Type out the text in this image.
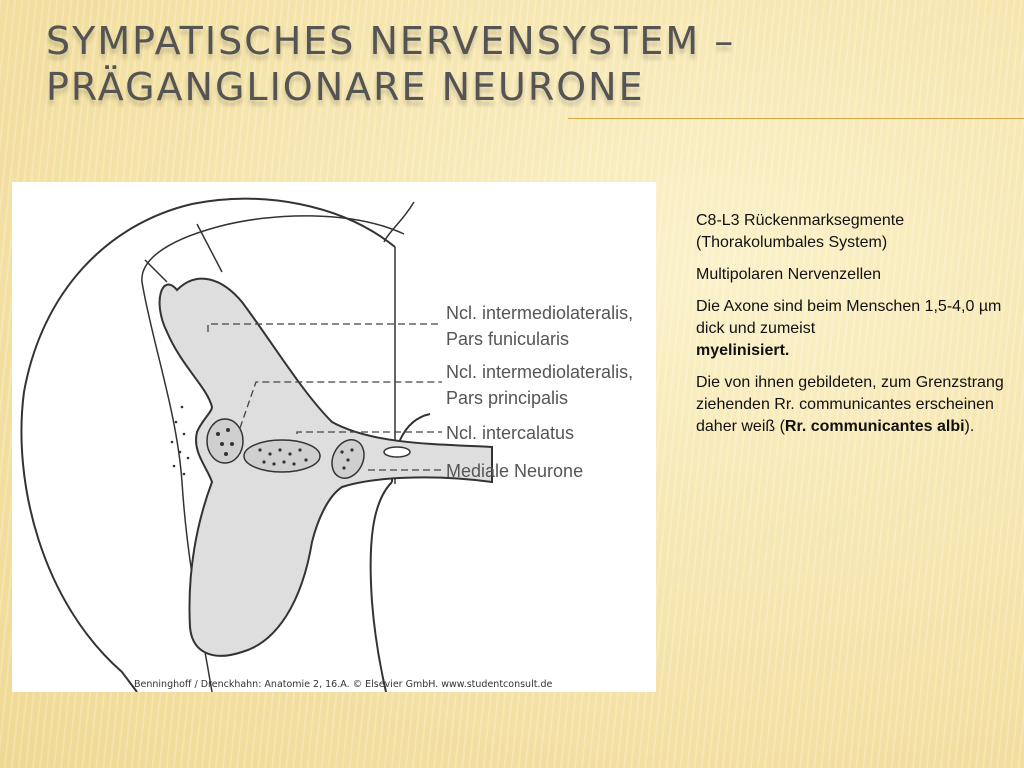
SYMPATISCHES NERVENSYSTEM –
PRÄGANGLIONARE NEURONE
Ncl. intermediolateralis,
Pars funicularis
Ncl. intermediolateralis,
Pars principalis
Ncl. intercalatus
Mediale Neurone
Benninghoff / Drenckhahn: Anatomie 2, 16.A. © Elsevier GmbH. www.studentconsult.de

C8-L3 Rückenmarksegmente
(Thorakolumbales System)

Multipolaren Nervenzellen

Die Axone sind beim Menschen 1,5-4,0 µm dick und zumeist
myelinisiert.

Die von ihnen gebildeten, zum Grenzstrang ziehenden Rr. communicantes erscheinen daher weiß (Rr. communicantes albi).
